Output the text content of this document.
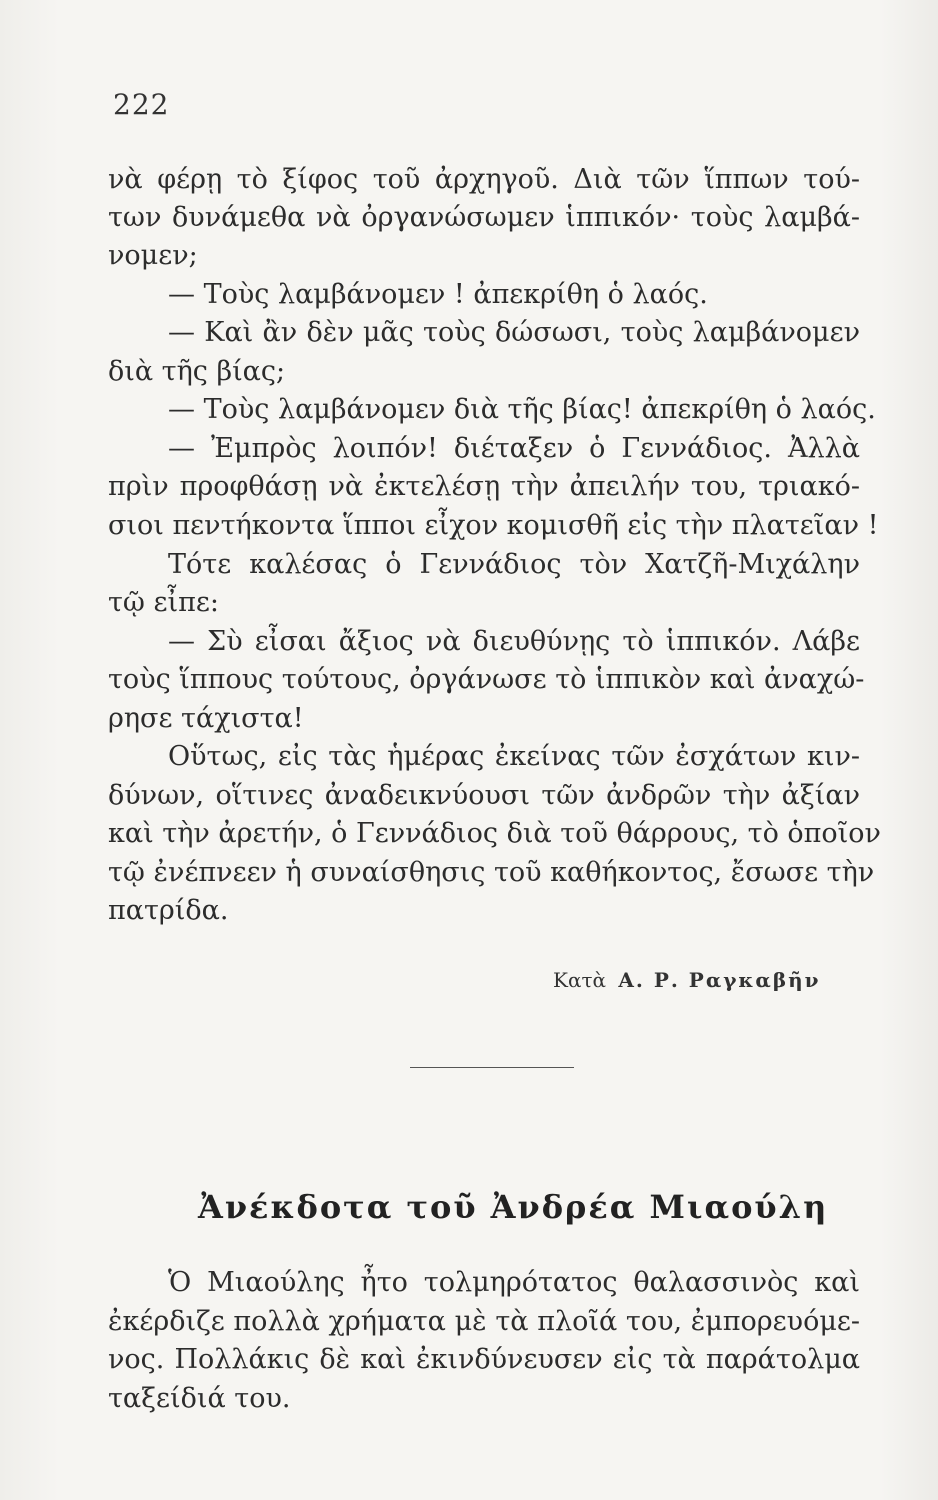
222
νὰ φέρῃ τὸ ξίφος τοῦ ἀρχηγοῦ. Διὰ τῶν ἵππων τού-
των δυνάμεθα νὰ ὀργανώσωμεν ἱππικόν· τοὺς λαμβά-
νομεν;
— Τοὺς λαμβάνομεν ! ἀπεκρίθη ὁ λαός.
— Καὶ ἂν δὲν μᾶς τοὺς δώσωσι, τοὺς λαμβάνομεν
διὰ τῆς βίας;
— Τοὺς λαμβάνομεν διὰ τῆς βίας! ἀπεκρίθη ὁ λαός.
— Ἐμπρὸς λοιπόν! διέταξεν ὁ Γεννάδιος. Ἀλλὰ
πρὶν προφθάσῃ νὰ ἐκτελέσῃ τὴν ἀπειλήν του, τριακό-
σιοι πεντήκοντα ἵπποι εἶχον κομισθῆ εἰς τὴν πλατεῖαν !
Τότε καλέσας ὁ Γεννάδιος τὸν Χατζῆ-Μιχάλην
τῷ εἶπε:
— Σὺ εἶσαι ἄξιος νὰ διευθύνῃς τὸ ἱππικόν. Λάβε
τοὺς ἵππους τούτους, ὀργάνωσε τὸ ἱππικὸν καὶ ἀναχώ-
ρησε τάχιστα!
Οὕτως, εἰς τὰς ἡμέρας ἐκείνας τῶν ἐσχάτων κιν-
δύνων, οἵτινες ἀναδεικνύουσι τῶν ἀνδρῶν τὴν ἀξίαν
καὶ τὴν ἀρετήν, ὁ Γεννάδιος διὰ τοῦ θάρρους, τὸ ὁποῖον
τῷ ἐνέπνεεν ἡ συναίσθησις τοῦ καθήκοντος, ἔσωσε τὴν
πατρίδα.
Κατὰ Α. Ρ. Ραγκαβῆν
Ἀνέκδοτα τοῦ Ἀνδρέα Μιαούλη
Ὁ Μιαούλης ἦτο τολμηρότατος θαλασσινὸς καὶ
ἐκέρδιζε πολλὰ χρήματα μὲ τὰ πλοῖά του, ἐμπορευόμε-
νος. Πολλάκις δὲ καὶ ἐκινδύνευσεν εἰς τὰ παράτολμα
ταξείδιά του.
